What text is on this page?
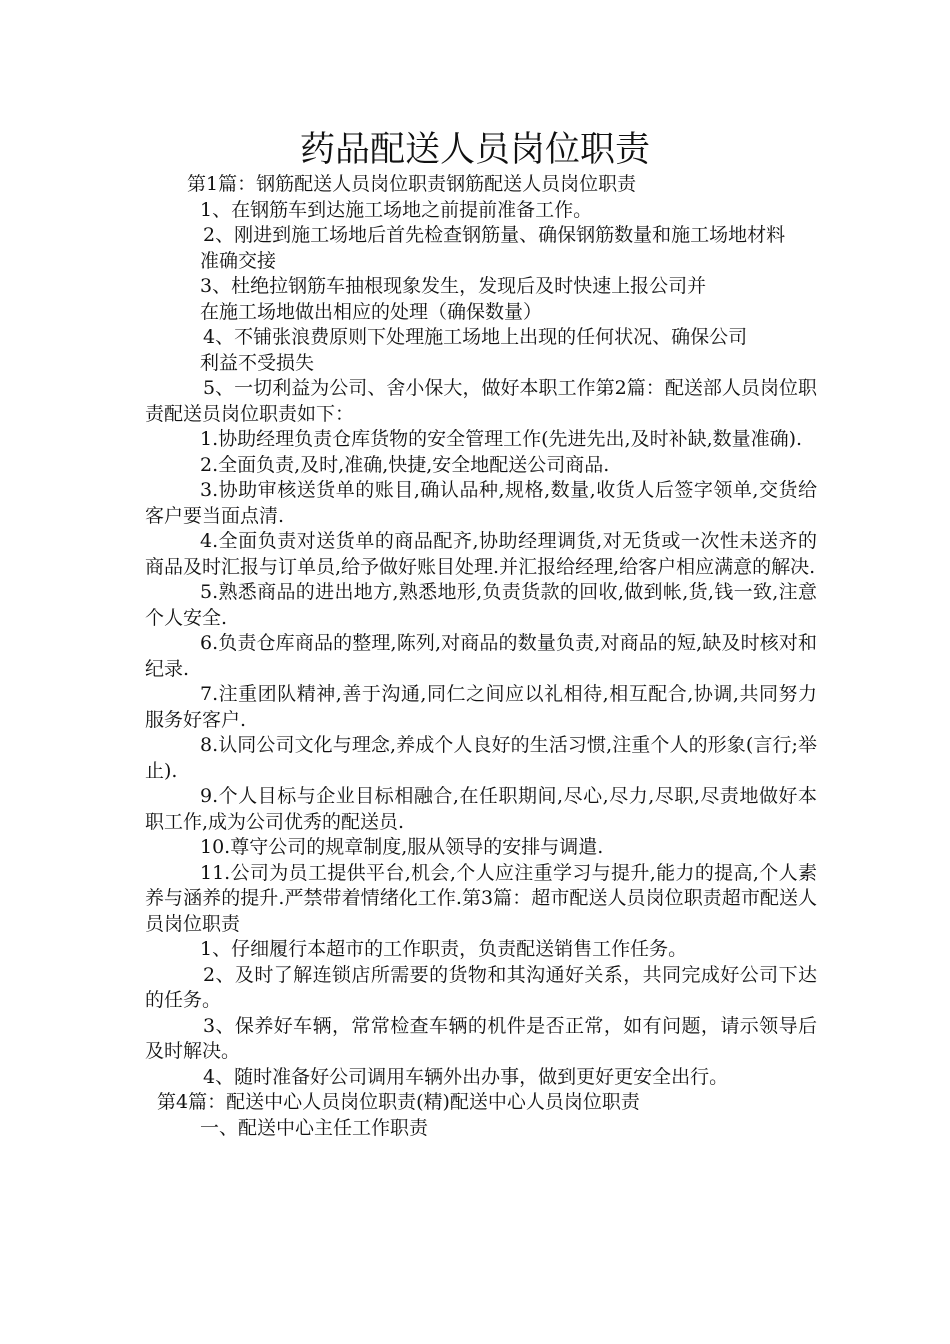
药品配送人员岗位职责

第1篇：钢筋配送人员岗位职责钢筋配送人员岗位职责

1、在钢筋车到达施工场地之前提前准备工作。

2、刚进到施工场地后首先检查钢筋量、确保钢筋数量和施工场地材料

准确交接

3、杜绝拉钢筋车抽根现象发生，发现后及时快速上报公司并

在施工场地做出相应的处理（确保数量）

4、不铺张浪费原则下处理施工场地上出现的任何状况、确保公司

利益不受损失

5、一切利益为公司、舍小保大，做好本职工作第2篇：配送部人员岗位职责配送员岗位职责如下：

1.协助经理负责仓库货物的安全管理工作(先进先出,及时补缺,数量准确).

2.全面负责,及时,准确,快捷,安全地配送公司商品.

3.协助审核送货单的账目,确认品种,规格,数量,收货人后签字领单,交货给客户要当面点清.

4.全面负责对送货单的商品配齐,协助经理调货,对无货或一次性未送齐的商品及时汇报与订单员,给予做好账目处理.并汇报给经理,给客户相应满意的解决.

5.熟悉商品的进出地方,熟悉地形,负责货款的回收,做到帐,货,钱一致,注意个人安全.

6.负责仓库商品的整理,陈列,对商品的数量负责,对商品的短,缺及时核对和纪录.

7.注重团队精神,善于沟通,同仁之间应以礼相待,相互配合,协调,共同努力服务好客户.

8.认同公司文化与理念,养成个人良好的生活习惯,注重个人的形象(言行;举止).

9.个人目标与企业目标相融合,在任职期间,尽心,尽力,尽职,尽责地做好本职工作,成为公司优秀的配送员.

10.尊守公司的规章制度,服从领导的安排与调遣.

11.公司为员工提供平台,机会,个人应注重学习与提升,能力的提高,个人素养与涵养的提升.严禁带着情绪化工作.第3篇：超市配送人员岗位职责超市配送人员岗位职责

1、仔细履行本超市的工作职责，负责配送销售工作任务。

2、及时了解连锁店所需要的货物和其沟通好关系，共同完成好公司下达的任务。

3、保养好车辆，常常检查车辆的机件是否正常，如有问题，请示领导后及时解决。

4、随时准备好公司调用车辆外出办事，做到更好更安全出行。

第4篇：配送中心人员岗位职责(精)配送中心人员岗位职责

一、配送中心主任工作职责
